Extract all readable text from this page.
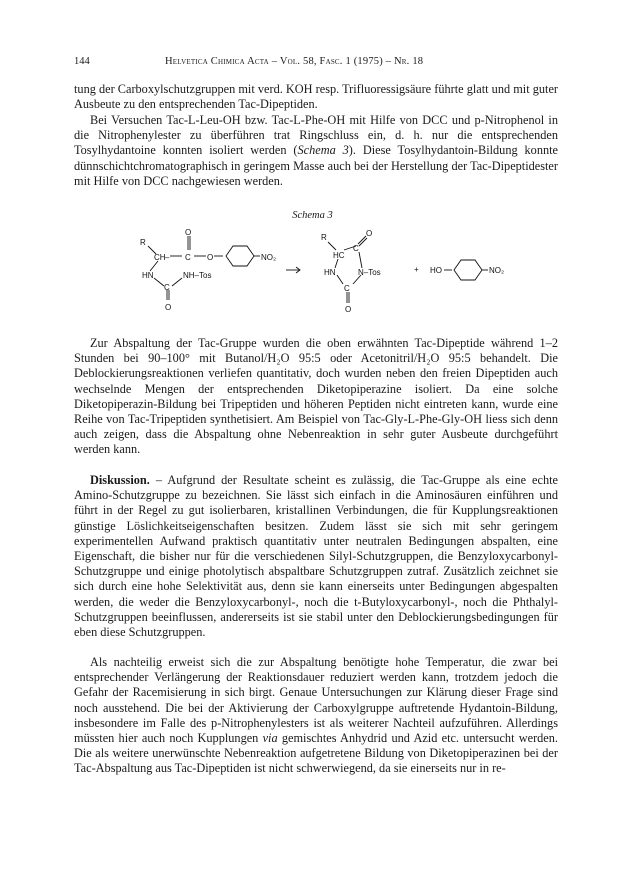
144	Helvetica Chimica Acta – Vol. 58, Fasc. 1 (1975) – Nr. 18

tung der Carboxylschutzgruppen mit verd. KOH resp. Trifluoressigsäure führte glatt und mit guter Ausbeute zu den entsprechenden Tac-Dipeptiden.

Bei Versuchen Tac-L-Leu-OH bzw. Tac-L-Phe-OH mit Hilfe von DCC und p-Nitrophenol in die Nitrophenylester zu überführen trat Ringschluss ein, d. h. nur die entsprechenden Tosylhydantoine konnten isoliert werden (Schema 3). Diese Tosylhydantoin-Bildung konnte dünnschichtchromatographisch in geringem Masse auch bei der Herstellung der Tac-Dipeptidester mit Hilfe von DCC nachgewiesen werden.

Schema 3
R
CH – C
O
O	NO₂
HN
C
NH–Tos
O
R
HC
C
O
HN	N–Tos
C
O
+ HO	NO₂

Zur Abspaltung der Tac-Gruppe wurden die oben erwähnten Tac-Dipeptide während 1–2 Stunden bei 90–100° mit Butanol/H₂O 95:5 oder Acetonitril/H₂O 95:5 behandelt. Die Deblockierungsreaktionen verliefen quantitativ, doch wurden neben den freien Dipeptiden auch wechselnde Mengen der entsprechenden Diketopiperazine isoliert. Da eine solche Diketopiperazin-Bildung bei Tripeptiden und höheren Peptiden nicht eintreten kann, wurde eine Reihe von Tac-Tripeptiden synthetisiert. Am Beispiel von Tac-Gly-L-Phe-Gly-OH liess sich denn auch zeigen, dass die Abspaltung ohne Nebenreaktion in sehr guter Ausbeute durchgeführt werden kann.

Diskussion. – Aufgrund der Resultate scheint es zulässig, die Tac-Gruppe als eine echte Amino-Schutzgruppe zu bezeichnen. Sie lässt sich einfach in die Aminosäuren einführen und führt in der Regel zu gut isolierbaren, kristallinen Verbindungen, die für Kupplungsreaktionen günstige Löslichkeitseigenschaften besitzen. Zudem lässt sie sich mit sehr geringem experimentellen Aufwand praktisch quantitativ unter neutralen Bedingungen abspalten, eine Eigenschaft, die bisher nur für die verschiedenen Silyl-Schutzgruppen, die Benzyloxycarbonyl-Schutzgruppe und einige photolytisch abspaltbare Schutzgruppen zutraf. Zusätzlich zeichnet sie sich durch eine hohe Selektivität aus, denn sie kann einerseits unter Bedingungen abgespalten werden, die weder die Benzyloxycarbonyl-, noch die t-Butyloxycarbonyl-, noch die Phthalyl-Schutzgruppen beeinflussen, andererseits ist sie stabil unter den Deblockierungsbedingungen für eben diese Schutzgruppen.

Als nachteilig erweist sich die zur Abspaltung benötigte hohe Temperatur, die zwar bei entsprechender Verlängerung der Reaktionsdauer reduziert werden kann, trotzdem jedoch die Gefahr der Racemisierung in sich birgt. Genaue Untersuchungen zur Klärung dieser Frage sind noch ausstehend. Die bei der Aktivierung der Carboxylgruppe auftretende Hydantoin-Bildung, insbesondere im Falle des p-Nitrophenylesters ist als weiterer Nachteil aufzuführen. Allerdings müssten hier auch noch Kupplungen via gemischtes Anhydrid und Azid etc. untersucht werden. Die als weitere unerwünschte Nebenreaktion aufgetretene Bildung von Diketopiperazinen bei der Tac-Abspaltung aus Tac-Dipeptiden ist nicht schwerwiegend, da sie einerseits nur in re-
